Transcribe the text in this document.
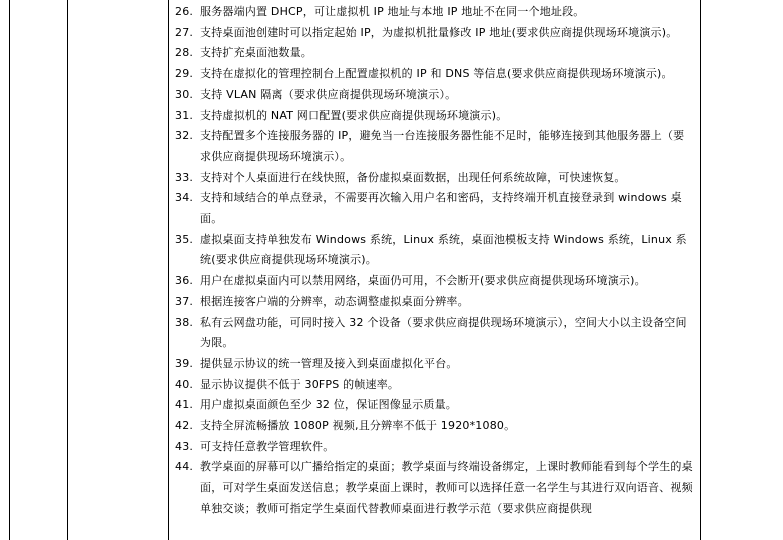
26. 服务器端内置 DHCP，可让虚拟机 IP 地址与本地 IP 地址不在同一个地址段。
27. 支持桌面池创建时可以指定起始 IP，为虚拟机批量修改 IP 地址(要求供应商提供现场环境演示)。
28. 支持扩充桌面池数量。
29. 支持在虚拟化的管理控制台上配置虚拟机的 IP 和 DNS 等信息(要求供应商提供现场环境演示)。
30. 支持 VLAN 隔离（要求供应商提供现场环境演示）。
31. 支持虚拟机的 NAT 网口配置(要求供应商提供现场环境演示)。
32. 支持配置多个连接服务器的 IP，避免当一台连接服务器性能不足时，能够连接到其他服务器上（要求供应商提供现场环境演示）。
33. 支持对个人桌面进行在线快照，备份虚拟桌面数据，出现任何系统故障，可快速恢复。
34. 支持和域结合的单点登录，不需要再次输入用户名和密码，支持终端开机直接登录到 windows 桌面。
35. 虚拟桌面支持单独发布 Windows 系统，Linux 系统，桌面池模板支持 Windows 系统，Linux 系统(要求供应商提供现场环境演示)。
36. 用户在虚拟桌面内可以禁用网络，桌面仍可用，不会断开(要求供应商提供现场环境演示)。
37. 根据连接客户端的分辨率，动态调整虚拟桌面分辨率。
38. 私有云网盘功能，可同时接入 32 个设备（要求供应商提供现场环境演示），空间大小以主设备空间为限。
39. 提供显示协议的统一管理及接入到桌面虚拟化平台。
40. 显示协议提供不低于 30FPS 的帧速率。
41. 用户虚拟桌面颜色至少 32 位，保证图像显示质量。
42. 支持全屏流畅播放 1080P 视频,且分辨率不低于 1920*1080。
43. 可支持任意教学管理软件。
44. 教学桌面的屏幕可以广播给指定的桌面；教学桌面与终端设备绑定，上课时教师能看到每个学生的桌面，可对学生桌面发送信息；教学桌面上课时，教师可以选择任意一名学生与其进行双向语音、视频单独交谈；教师可指定学生桌面代替教师桌面进行教学示范（要求供应商提供现
